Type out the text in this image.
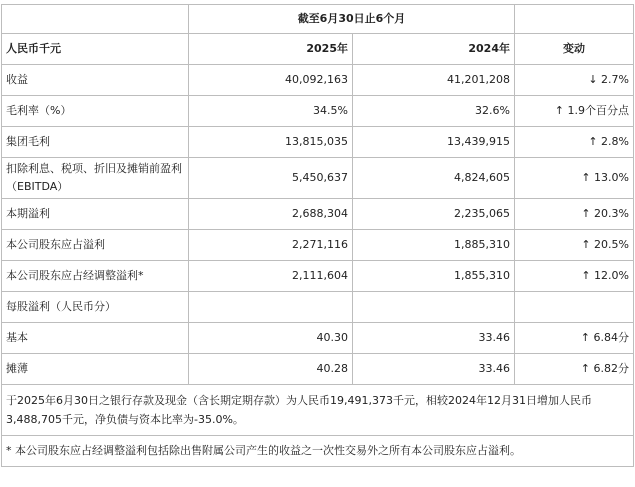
	截至6月30日止6个月		
人民币千元	2025年	2024年	变动
收益	40,092,163	41,201,208	↓ 2.7%
毛利率（%）	34.5%	32.6%	↑ 1.9个百分点
集团毛利	13,815,035	13,439,915	↑ 2.8%
扣除利息、税项、折旧及摊销前盈利（EBITDA）	5,450,637	4,824,605	↑ 13.0%
本期溢利	2,688,304	2,235,065	↑ 20.3%
本公司股东应占溢利	2,271,116	1,885,310	↑ 20.5%
本公司股东应占经调整溢利*	2,111,604	1,855,310	↑ 12.0%
每股溢利（人民币分）			
基本	40.30	33.46	↑ 6.84分
摊薄	40.28	33.46	↑ 6.82分
于2025年6月30日之银行存款及现金（含长期定期存款）为人民币19,491,373千元，相较2024年12月31日增加人民币3,488,705千元，净负债与资本比率为-35.0%。			
* 本公司股东应占经调整溢利包括除出售附属公司产生的收益之一次性交易外之所有本公司股东应占溢利。			
